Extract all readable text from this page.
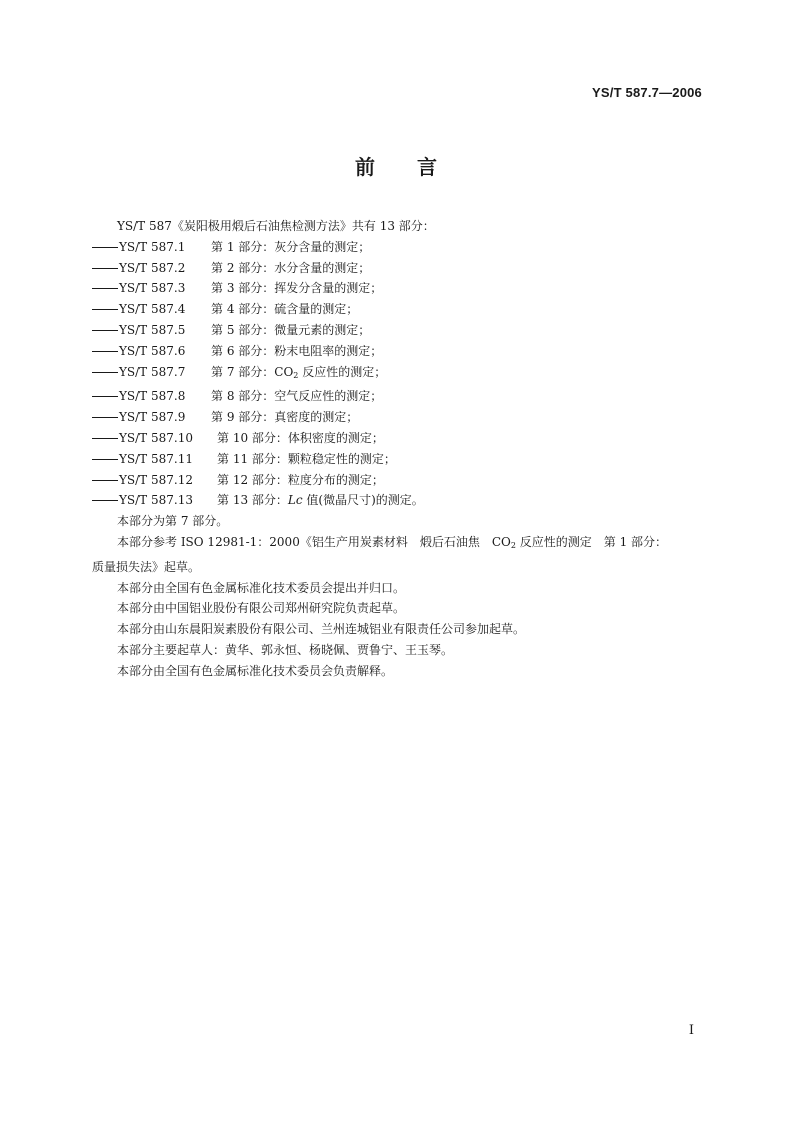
YS/T 587.7—2006
前 言
YS/T 587《炭阳极用煅后石油焦检测方法》共有 13 部分：
YS/T 587.1 第 1 部分：灰分含量的测定；
YS/T 587.2 第 2 部分：水分含量的测定；
YS/T 587.3 第 3 部分：挥发分含量的测定；
YS/T 587.4 第 4 部分：硫含量的测定；
YS/T 587.5 第 5 部分：微量元素的测定；
YS/T 587.6 第 6 部分：粉末电阻率的测定；
YS/T 587.7 第 7 部分：$CO_2$ 反应性的测定；
YS/T 587.8 第 8 部分：空气反应性的测定；
YS/T 587.9 第 9 部分：真密度的测定；
YS/T 587.10 第 10 部分：体积密度的测定；
YS/T 587.11 第 11 部分：颗粒稳定性的测定；
YS/T 587.12 第 12 部分：粒度分布的测定；
YS/T 587.13 第 13 部分：Lc 值(微晶尺寸)的测定。
本部分为第 7 部分。
本部分参考 ISO 12981-1：2000《铝生产用炭素材料　煅后石油焦　$CO_2$ 反应性的测定　第 1 部分：
质量损失法》起草。
本部分由全国有色金属标准化技术委员会提出并归口。
本部分由中国铝业股份有限公司郑州研究院负责起草。
本部分由山东晨阳炭素股份有限公司、兰州连城铝业有限责任公司参加起草。
本部分主要起草人：黄华、郭永恒、杨晓佩、贾鲁宁、王玉琴。
本部分由全国有色金属标准化技术委员会负责解释。
I
